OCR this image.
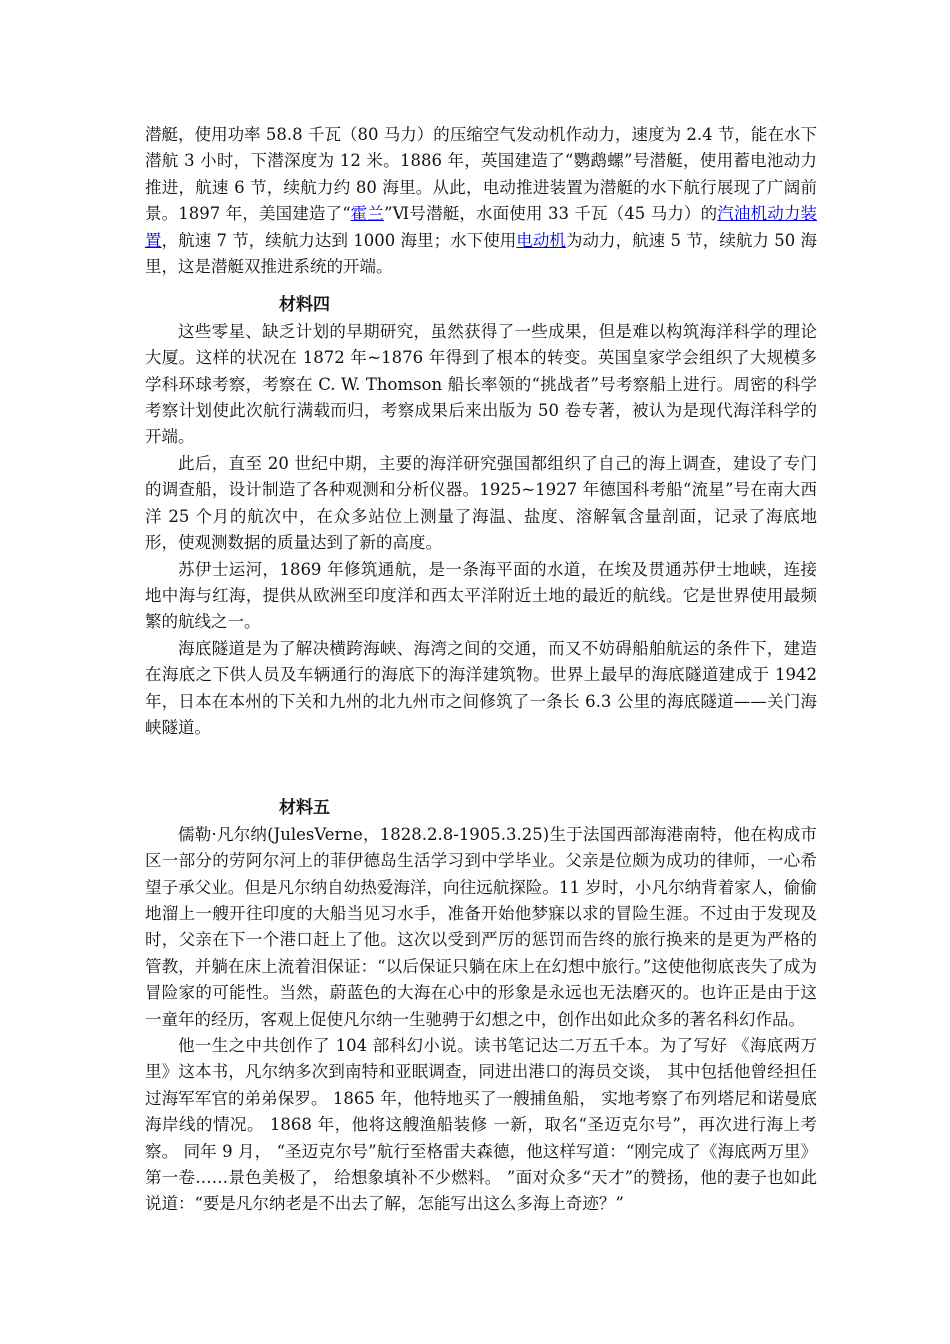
潜艇，使用功率 58.8 千瓦（80 马力）的压缩空气发动机作动力，速度为 2.4 节，能在水下潜航 3 小时，下潜深度为 12 米。1886 年，英国建造了“鹦鹉螺”号潜艇，使用蓄电池动力推进，航速 6 节，续航力约 80 海里。从此，电动推进装置为潜艇的水下航行展现了广阔前景。1897 年，美国建造了“霍兰”Ⅵ号潜艇，水面使用 33 千瓦（45 马力）的汽油机动力装置，航速 7 节，续航力达到 1000 海里；水下使用电动机为动力，航速 5 节，续航力 50 海里，这是潜艇双推进系统的开端。

材料四

这些零星、缺乏计划的早期研究，虽然获得了一些成果，但是难以构筑海洋科学的理论大厦。这样的状况在 1872 年~1876 年得到了根本的转变。英国皇家学会组织了大规模多学科环球考察，考察在 C. W. Thomson 船长率领的“挑战者”号考察船上进行。周密的科学考察计划使此次航行满载而归，考察成果后来出版为 50 卷专著，被认为是现代海洋科学的开端。

此后，直至 20 世纪中期，主要的海洋研究强国都组织了自己的海上调查，建设了专门的调查船，设计制造了各种观测和分析仪器。1925~1927 年德国科考船“流星”号在南大西洋 25 个月的航次中，在众多站位上测量了海温、盐度、溶解氧含量剖面，记录了海底地形，使观测数据的质量达到了新的高度。

苏伊士运河，1869 年修筑通航，是一条海平面的水道，在埃及贯通苏伊士地峡，连接地中海与红海，提供从欧洲至印度洋和西太平洋附近土地的最近的航线。它是世界使用最频繁的航线之一。

海底隧道是为了解决横跨海峡、海湾之间的交通，而又不妨碍船舶航运的条件下，建造在海底之下供人员及车辆通行的海底下的海洋建筑物。世界上最早的海底隧道建成于 1942 年，日本在本州的下关和九州的北九州市之间修筑了一条长 6.3 公里的海底隧道——关门海峡隧道。

材料五

儒勒·凡尔纳(JulesVerne，1828.2.8-1905.3.25)生于法国西部海港南特，他在构成市区一部分的劳阿尔河上的菲伊德岛生活学习到中学毕业。父亲是位颇为成功的律师，一心希望子承父业。但是凡尔纳自幼热爱海洋，向往远航探险。11 岁时，小凡尔纳背着家人，偷偷地溜上一艘开往印度的大船当见习水手，准备开始他梦寐以求的冒险生涯。不过由于发现及时，父亲在下一个港口赶上了他。这次以受到严厉的惩罚而告终的旅行换来的是更为严格的管教，并躺在床上流着泪保证：“以后保证只躺在床上在幻想中旅行。”这使他彻底丧失了成为冒险家的可能性。当然，蔚蓝色的大海在心中的形象是永远也无法磨灭的。也许正是由于这一童年的经历，客观上促使凡尔纳一生驰骋于幻想之中，创作出如此众多的著名科幻作品。

他一生之中共创作了 104 部科幻小说。读书笔记达二万五千本。为了写好 《海底两万里》这本书，凡尔纳多次到南特和亚眠调查，同进出港口的海员交谈， 其中包括他曾经担任过海军军官的弟弟保罗。 1865 年，他特地买了一艘捕鱼船， 实地考察了布列塔尼和诺曼底海岸线的情况。 1868 年，他将这艘渔船装修 一新，取名“圣迈克尔号”，再次进行海上考察。 同年 9 月， “圣迈克尔号”航行至格雷夫森德，他这样写道：“刚完成了《海底两万里》第一卷……景色美极了， 给想象填补不少燃料。 ”面对众多“天才”的赞扬，他的妻子也如此说道：“要是凡尔纳老是不出去了解，怎能写出这么多海上奇迹？”
